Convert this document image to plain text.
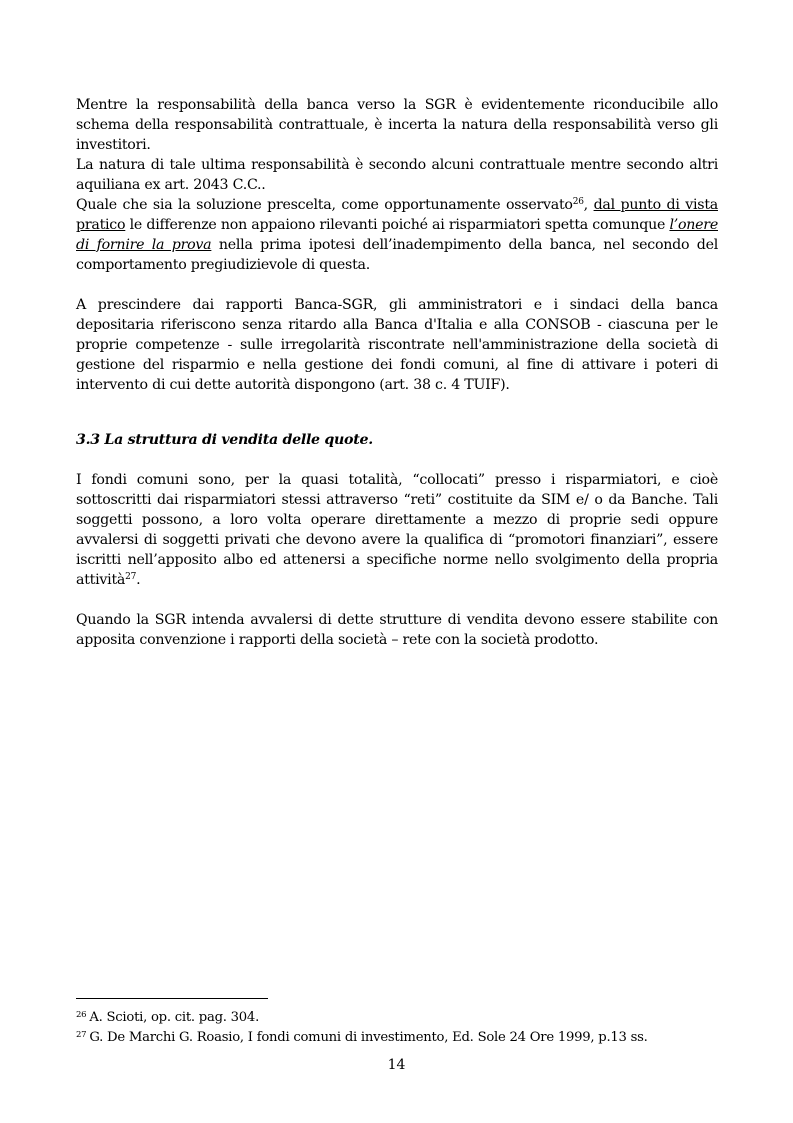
Mentre la responsabilità della banca verso la SGR è evidentemente riconducibile allo schema della responsabilità contrattuale, è incerta la natura della responsabilità verso gli investitori.

La natura di tale ultima responsabilità è secondo alcuni contrattuale mentre secondo altri aquiliana ex art. 2043 C.C..

Quale che sia la soluzione prescelta, come opportunamente osservato$^{26}$, dal punto di vista pratico le differenze non appaiono rilevanti poiché ai risparmiatori spetta comunque l’onere di fornire la prova nella prima ipotesi dell’inadempimento della banca, nel secondo del comportamento pregiudizievole di questa.

A prescindere dai rapporti Banca-SGR, gli amministratori e i sindaci della banca depositaria riferiscono senza ritardo alla Banca d'Italia e alla CONSOB - ciascuna per le proprie competenze - sulle irregolarità riscontrate nell'amministrazione della società di gestione del risparmio e nella gestione dei fondi comuni, al fine di attivare i poteri di intervento di cui dette autorità dispongono (art. 38 c. 4 TUIF).

3.3 La struttura di vendita delle quote.

I fondi comuni sono, per la quasi totalità, “collocati” presso i risparmiatori, e cioè sottoscritti dai risparmiatori stessi attraverso “reti” costituite da SIM e/ o da Banche. Tali soggetti possono, a loro volta operare direttamente a mezzo di proprie sedi oppure avvalersi di soggetti privati che devono avere la qualifica di “promotori finanziari”, essere iscritti nell’apposito albo ed attenersi a specifiche norme nello svolgimento della propria attività$^{27}$.

Quando la SGR intenda avvalersi di dette strutture di vendita devono essere stabilite con apposita convenzione i rapporti della società – rete con la società prodotto.

$^{26}$ A. Scioti, op. cit. pag. 304.

$^{27}$ G. De Marchi G. Roasio, I fondi comuni di investimento, Ed. Sole 24 Ore 1999, p.13 ss.

14
